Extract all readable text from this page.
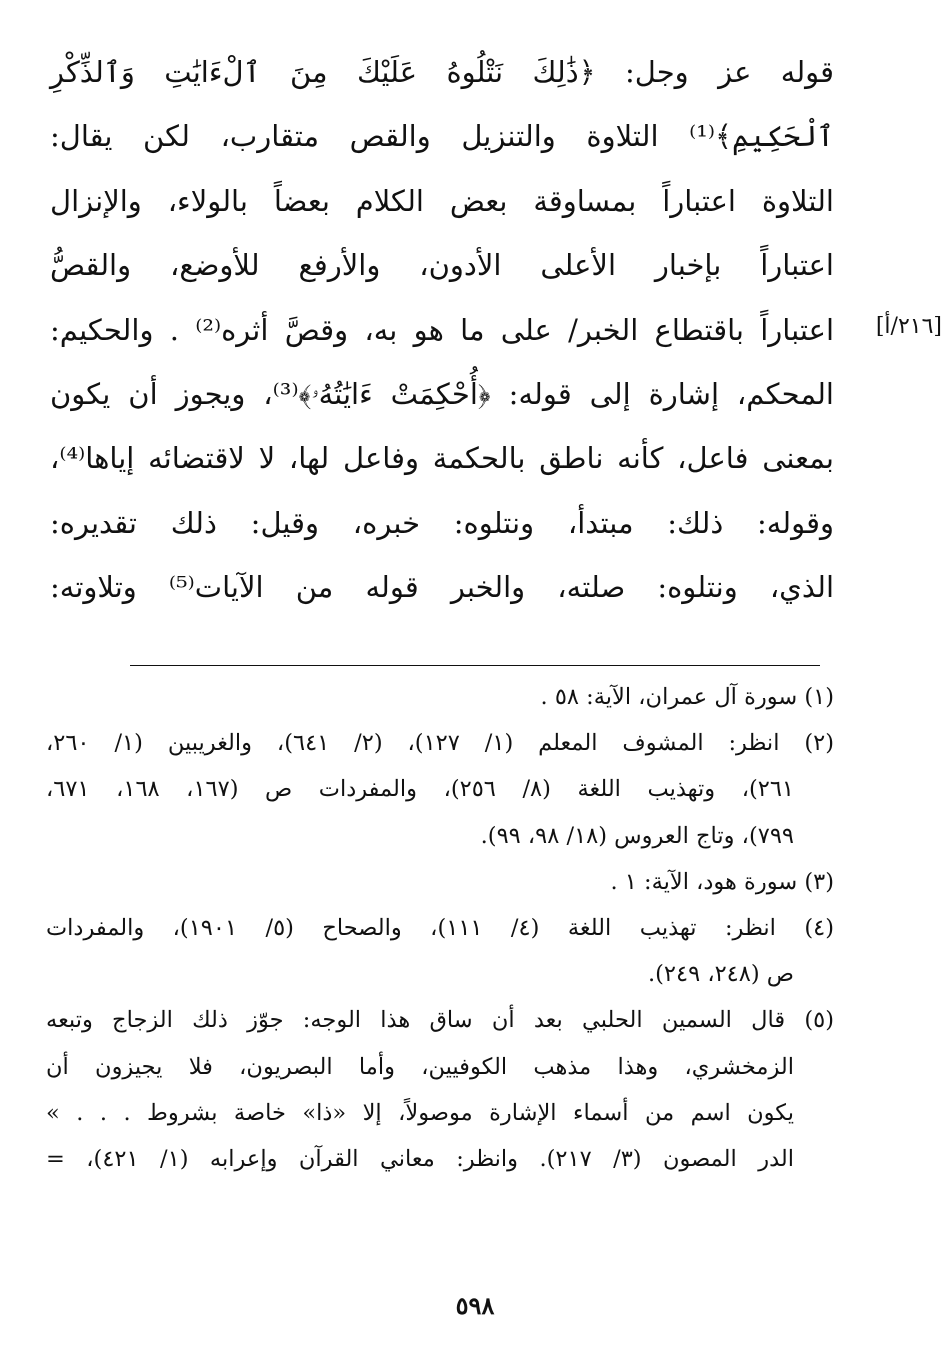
قوله عز وجل: ﴿ذَٰلِكَ نَتْلُوهُ عَلَيْكَ مِنَ ٱلْءَايَٰتِ وَٱلذِّكْرِ
ٱلْحَكِيمِ﴾⁽¹⁾ التلاوة والتنزيل والقص متقارب، لكن يقال:
التلاوة اعتباراً بمساوقة بعض الكلام بعضاً بالولاء، والإنزال
اعتباراً بإخبار الأعلى الأدون، والأرفع للأوضع، والقصُّ
اعتباراً باقتطاع الخبر/ على ما هو به، وقصَّ أثره⁽²⁾ . والحكيم:
المحكم، إشارة إلى قوله: ﴿أُحْكِمَتْ ءَايَٰتُهُۥ﴾⁽³⁾، ويجوز أن يكون
بمعنى فاعل، كأنه ناطق بالحكمة وفاعل لها، لا لاقتضائه إياها⁽⁴⁾،
وقوله: ذلك: مبتدأ، ونتلوه: خبره، وقيل: ذلك تقديره:
الذي، ونتلوه: صلته، والخبر قوله من الآيات⁽⁵⁾ وتلاوته:
[٢١٦/أ]
(١) سورة آل عمران، الآية: ٥٨ .
(٢) انظر: المشوف المعلم (١/ ١٢٧)، (٢/ ٦٤١)، والغريبين (١/ ٢٦٠،
٢٦١)، وتهذيب اللغة (٨/ ٢٥٦)، والمفردات ص (١٦٧، ١٦٨، ٦٧١،
٧٩٩)، وتاج العروس (١٨/ ٩٨، ٩٩).
(٣) سورة هود، الآية: ١ .
(٤) انظر: تهذيب اللغة (٤/ ١١١)، والصحاح (٥/ ١٩٠١)، والمفردات
ص (٢٤٨، ٢٤٩).
(٥) قال السمين الحلبي بعد أن ساق هذا الوجه: جوّز ذلك الزجاج وتبعه
الزمخشري، وهذا مذهب الكوفيين، وأما البصريون، فلا يجيزون أن
يكون اسم من أسماء الإشارة موصولاً، إلا «ذا» خاصة بشروط . . . »
الدر المصون (٣/ ٢١٧). وانظر: معاني القرآن وإعرابه (١/ ٤٢١)، =
٥٩٨
